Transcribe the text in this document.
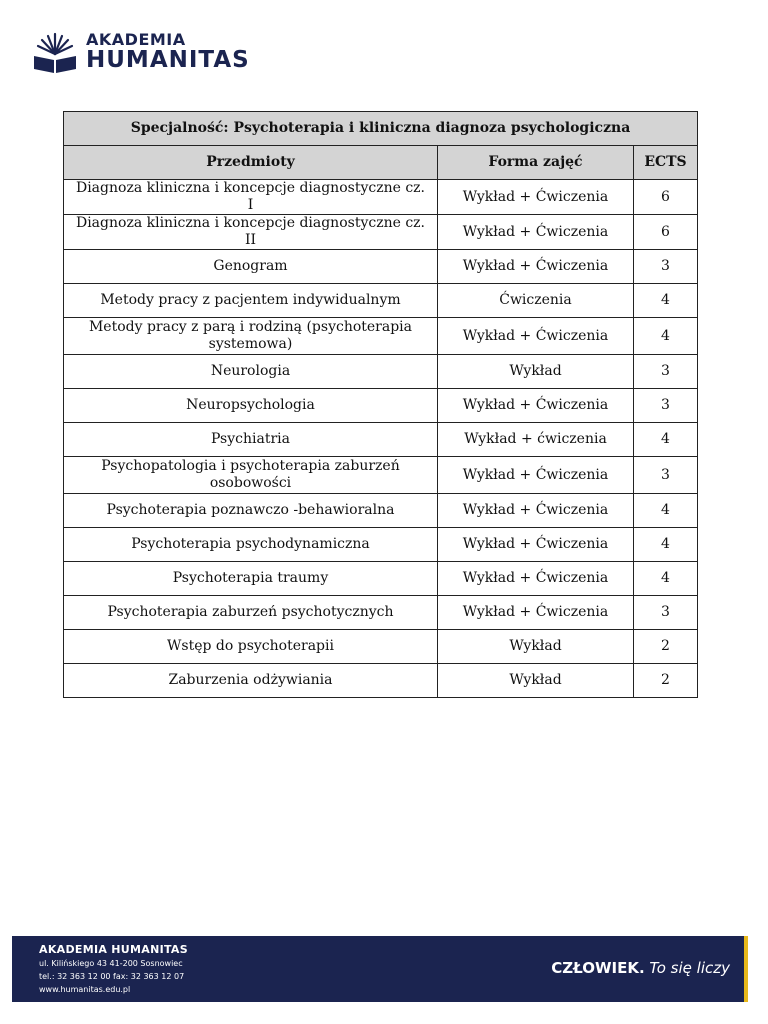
AKADEMIA
HUMANITAS
Specjalność: Psychoterapia i kliniczna diagnoza psychologiczna		
Przedmioty	Forma zajęć	ECTS
Diagnoza kliniczna i koncepcje diagnostyczne cz. I	Wykład + Ćwiczenia	6
Diagnoza kliniczna i koncepcje diagnostyczne cz. II	Wykład + Ćwiczenia	6
Genogram	Wykład + Ćwiczenia	3
Metody pracy z pacjentem indywidualnym	Ćwiczenia	4
Metody pracy z parą i rodziną (psychoterapia systemowa)	Wykład + Ćwiczenia	4
Neurologia	Wykład	3
Neuropsychologia	Wykład + Ćwiczenia	3
Psychiatria	Wykład + ćwiczenia	4
Psychopatologia i psychoterapia zaburzeń osobowości	Wykład + Ćwiczenia	3
Psychoterapia poznawczo -behawioralna	Wykład + Ćwiczenia	4
Psychoterapia psychodynamiczna	Wykład + Ćwiczenia	4
Psychoterapia traumy	Wykład + Ćwiczenia	4
Psychoterapia zaburzeń psychotycznych	Wykład + Ćwiczenia	3
Wstęp do psychoterapii	Wykład	2
Zaburzenia odżywiania	Wykład	2
AKADEMIA HUMANITAS
ul. Kilińskiego 43 41-200 Sosnowiec
tel.: 32 363 12 00 fax: 32 363 12 07
www.humanitas.edu.pl
CZŁOWIEK. To się liczy
